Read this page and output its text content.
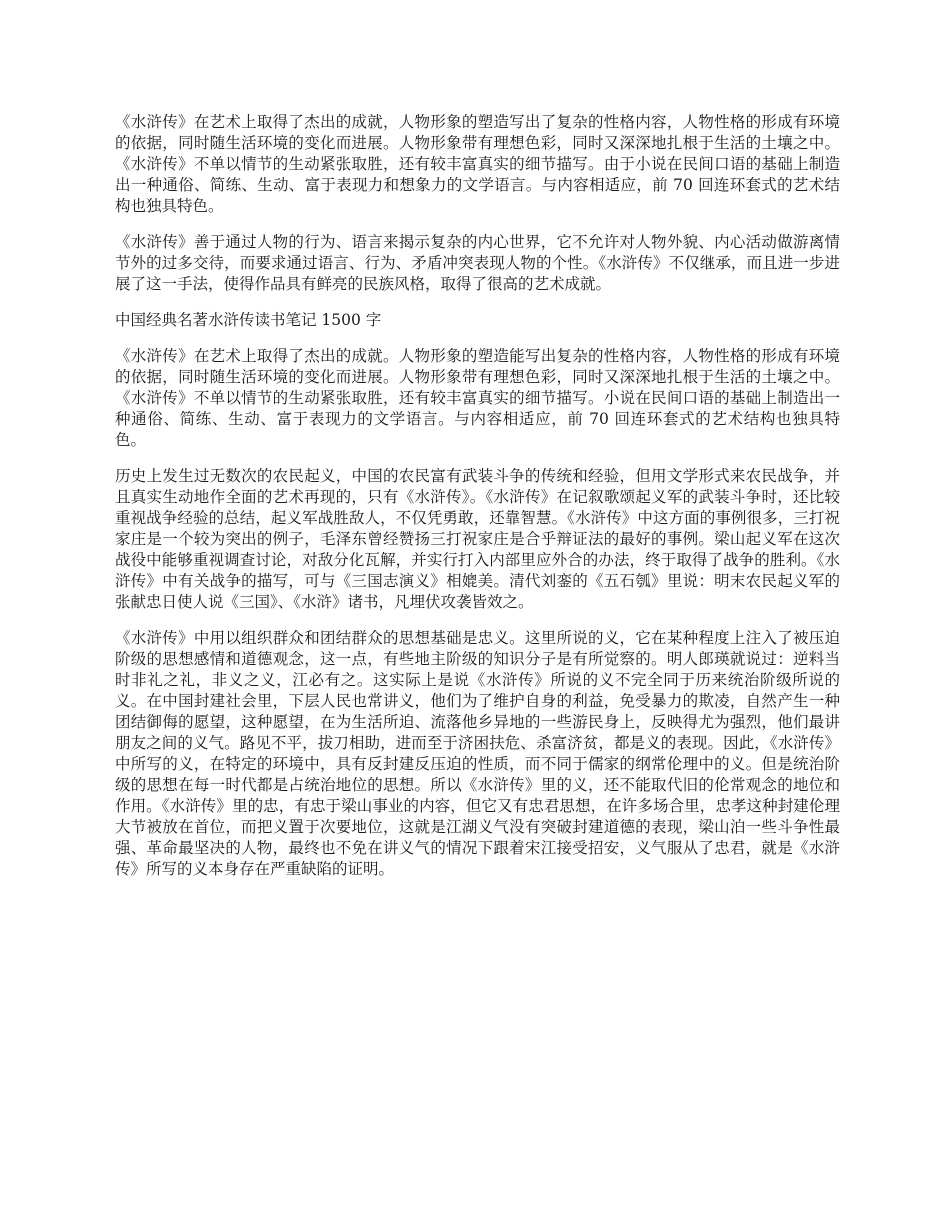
《水浒传》在艺术上取得了杰出的成就，人物形象的塑造写出了复杂的性格内容，人物性格的形成有环境的依据，同时随生活环境的变化而进展。人物形象带有理想色彩，同时又深深地扎根于生活的土壤之中。《水浒传》不单以情节的生动紧张取胜，还有较丰富真实的细节描写。由于小说在民间口语的基础上制造出一种通俗、简练、生动、富于表现力和想象力的文学语言。与内容相适应，前 70 回连环套式的艺术结构也独具特色。

《水浒传》善于通过人物的行为、语言来揭示复杂的内心世界，它不允许对人物外貌、内心活动做游离情节外的过多交待，而要求通过语言、行为、矛盾冲突表现人物的个性。《水浒传》不仅继承，而且进一步进展了这一手法，使得作品具有鲜亮的民族风格，取得了很高的艺术成就。

中国经典名著水浒传读书笔记 1500 字

《水浒传》在艺术上取得了杰出的成就。人物形象的塑造能写出复杂的性格内容，人物性格的形成有环境的依据，同时随生活环境的变化而进展。人物形象带有理想色彩，同时又深深地扎根于生活的土壤之中。《水浒传》不单以情节的生动紧张取胜，还有较丰富真实的细节描写。小说在民间口语的基础上制造出一种通俗、简练、生动、富于表现力的文学语言。与内容相适应，前 70 回连环套式的艺术结构也独具特色。

历史上发生过无数次的农民起义，中国的农民富有武装斗争的传统和经验，但用文学形式来农民战争，并且真实生动地作全面的艺术再现的，只有《水浒传》。《水浒传》在记叙歌颂起义军的武装斗争时，还比较重视战争经验的总结，起义军战胜敌人，不仅凭勇敢，还靠智慧。《水浒传》中这方面的事例很多，三打祝家庄是一个较为突出的例子，毛泽东曾经赞扬三打祝家庄是合乎辩证法的最好的事例。梁山起义军在这次战役中能够重视调查讨论，对敌分化瓦解，并实行打入内部里应外合的办法，终于取得了战争的胜利。《水浒传》中有关战争的描写，可与《三国志演义》相媲美。清代刘銮的《五石瓠》里说：明末农民起义军的张献忠日使人说《三国》、《水浒》诸书，凡埋伏攻袭皆效之。

《水浒传》中用以组织群众和团结群众的思想基础是忠义。这里所说的义，它在某种程度上注入了被压迫阶级的思想感情和道德观念，这一点，有些地主阶级的知识分子是有所觉察的。明人郎瑛就说过：逆料当时非礼之礼，非义之义，江必有之。这实际上是说《水浒传》所说的义不完全同于历来统治阶级所说的义。在中国封建社会里，下层人民也常讲义，他们为了维护自身的利益，免受暴力的欺凌，自然产生一种团结御侮的愿望，这种愿望，在为生活所迫、流落他乡异地的一些游民身上，反映得尤为强烈，他们最讲朋友之间的义气。路见不平，拔刀相助，进而至于济困扶危、杀富济贫，都是义的表现。因此，《水浒传》中所写的义，在特定的环境中，具有反封建反压迫的性质，而不同于儒家的纲常伦理中的义。但是统治阶级的思想在每一时代都是占统治地位的思想。所以《水浒传》里的义，还不能取代旧的伦常观念的地位和作用。《水浒传》里的忠，有忠于梁山事业的内容，但它又有忠君思想，在许多场合里，忠孝这种封建伦理大节被放在首位，而把义置于次要地位，这就是江湖义气没有突破封建道德的表现，梁山泊一些斗争性最强、革命最坚决的人物，最终也不免在讲义气的情况下跟着宋江接受招安，义气服从了忠君，就是《水浒传》所写的义本身存在严重缺陷的证明。
